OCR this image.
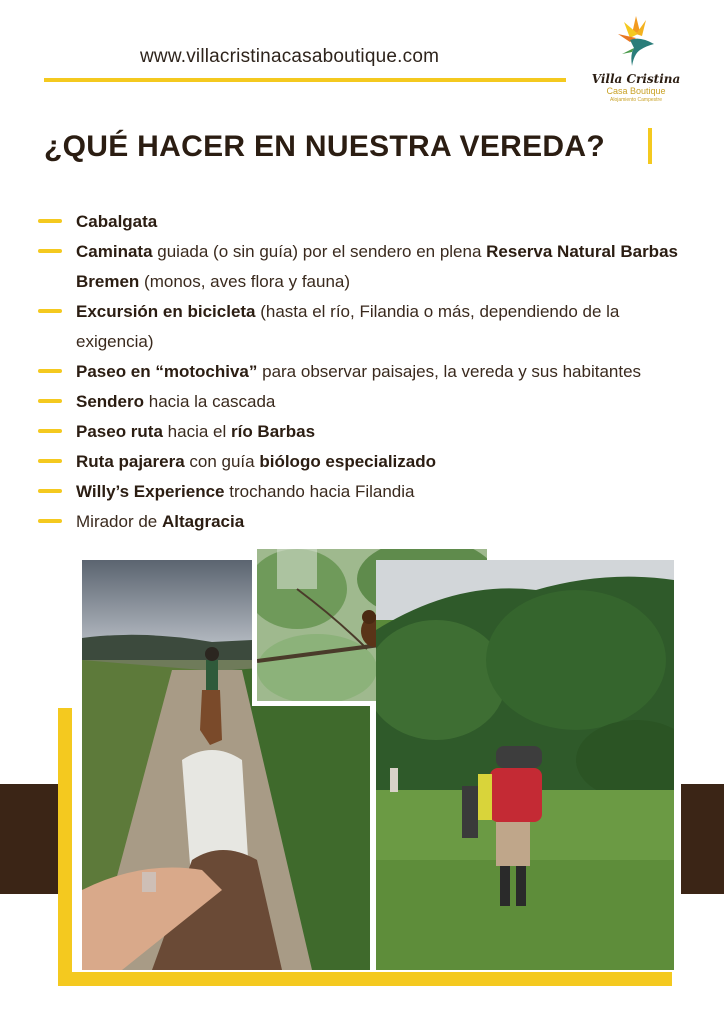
www.villacristinacasaboutique.com
Villa Cristina
Casa Boutique
Alojamiento Campestre
¿QUÉ HACER EN NUESTRA VEREDA?
Cabalgata
Caminata guiada (o sin guía) por el sendero en plena Reserva Natural Barbas Bremen (monos, aves flora y fauna)
Excursión en bicicleta (hasta el río, Filandia o más, dependiendo de la exigencia)
Paseo en “motochiva” para observar paisajes, la vereda y sus habitantes
Sendero hacia la cascada
Paseo ruta hacia el río Barbas
Ruta pajarera con guía biólogo especializado
Willy’s Experience trochando hacia Filandia
Mirador de Altagracia
